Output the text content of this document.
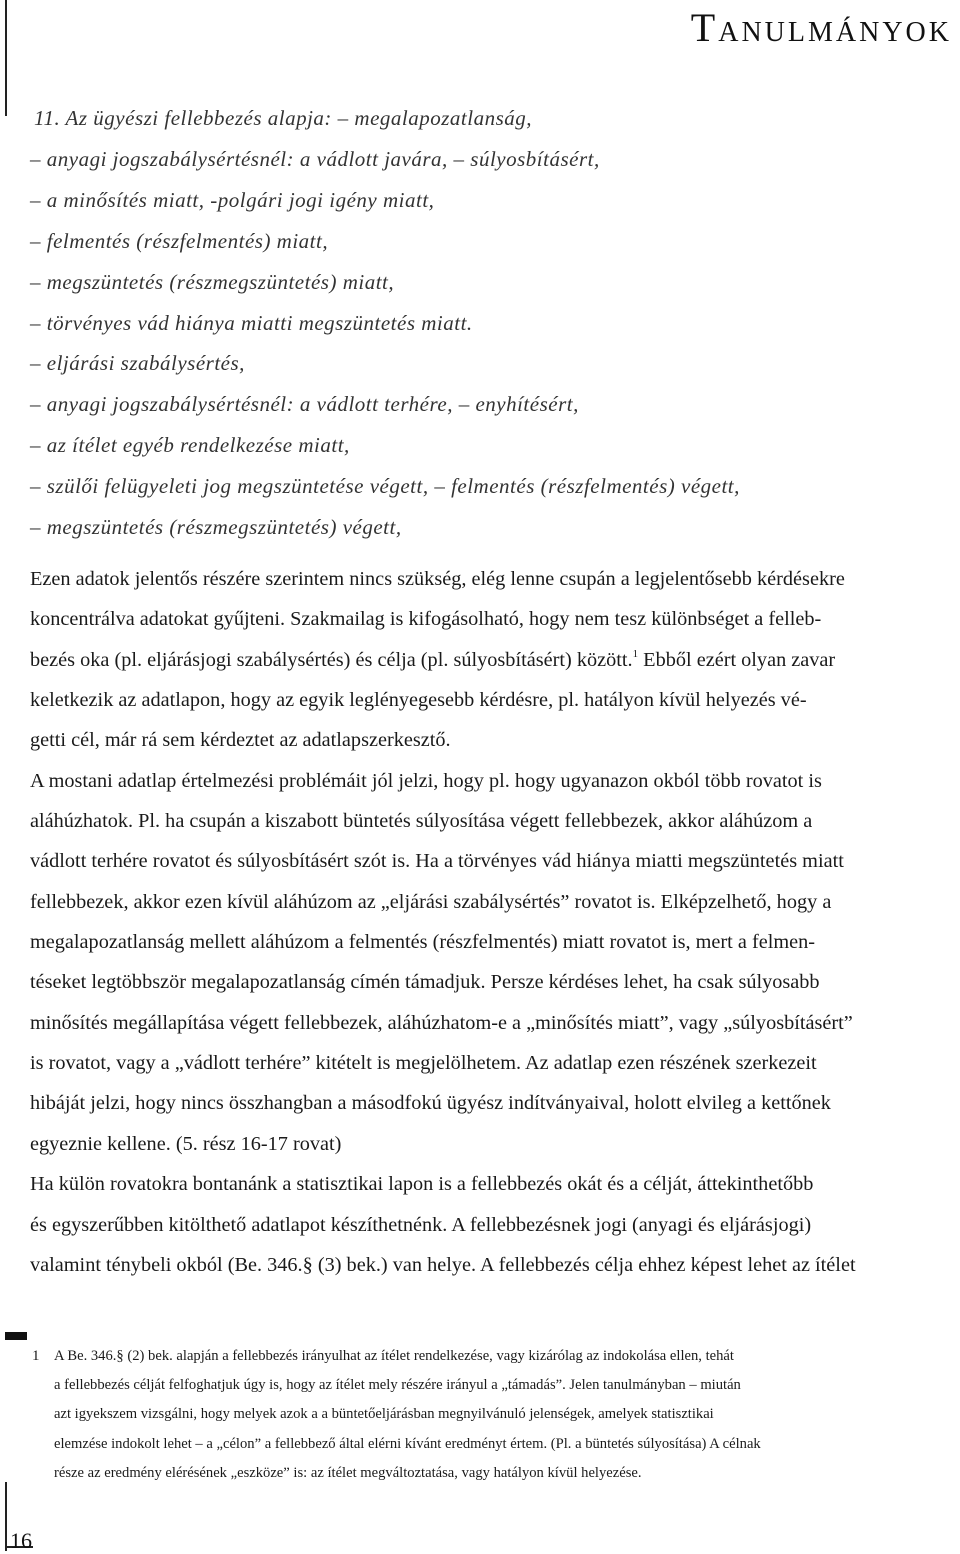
Tanulmányok
11. Az ügyészi fellebbezés alapja: – megalapozatlanság,
– anyagi jogszabálysértésnél: a vádlott javára, – súlyosbításért,
– a minősítés miatt, -polgári jogi igény miatt,
– felmentés (részfelmentés) miatt,
– megszüntetés (részmegszüntetés) miatt,
– törvényes vád hiánya miatti megszüntetés miatt.
– eljárási szabálysértés,
– anyagi jogszabálysértésnél: a vádlott terhére, – enyhítésért,
– az ítélet egyéb rendelkezése miatt,
– szülői felügyeleti jog megszüntetése végett, – felmentés (részfelmentés) végett,
– megszüntetés (részmegszüntetés) végett,

Ezen adatok jelentős részére szerintem nincs szükség, elég lenne csupán a legjelentősebb kérdésekre

koncentrálva adatokat gyűjteni. Szakmailag is kifogásolható, hogy nem tesz különbséget a felleb-

bezés oka (pl. eljárásjogi szabálysértés) és célja (pl. súlyosbításért) között.$^1$ Ebből ezért olyan zavar

keletkezik az adatlapon, hogy az egyik leglényegesebb kérdésre, pl. hatályon kívül helyezés vé-

getti cél, már rá sem kérdeztet az adatlapszerkesztő.

A mostani adatlap értelmezési problémáit jól jelzi, hogy pl. hogy ugyanazon okból több rovatot is

aláhúzhatok. Pl. ha csupán a kiszabott büntetés súlyosítása végett fellebbezek, akkor aláhúzom a

vádlott terhére rovatot és súlyosbításért szót is. Ha a törvényes vád hiánya miatti megszüntetés miatt

fellebbezek, akkor ezen kívül aláhúzom az „eljárási szabálysértés” rovatot is. Elképzelhető, hogy a

megalapozatlanság mellett aláhúzom a felmentés (részfelmentés) miatt rovatot is, mert a felmen-

téseket legtöbbször megalapozatlanság címén támadjuk. Persze kérdéses lehet, ha csak súlyosabb

minősítés megállapítása végett fellebbezek, aláhúzhatom-e a „minősítés miatt”, vagy „súlyosbításért”

is rovatot, vagy a „vádlott terhére” kitételt is megjelölhetem. Az adatlap ezen részének szerkezeit

hibáját jelzi, hogy nincs összhangban a másodfokú ügyész indítványaival, holott elvileg a kettőnek

egyeznie kellene. (5. rész 16-17 rovat)

Ha külön rovatokra bontanánk a statisztikai lapon is a fellebbezés okát és a célját, áttekinthetőbb

és egyszerűbben kitölthető adatlapot készíthetnénk. A fellebbezésnek jogi (anyagi és eljárásjogi)

valamint ténybeli okból (Be. 346.§ (3) bek.) van helye. A fellebbezés célja ehhez képest lehet az ítélet

1 A Be. 346.§ (2) bek. alapján a fellebbezés irányulhat az ítélet rendelkezése, vagy kizárólag az indokolása ellen, tehát
a fellebbezés célját felfoghatjuk úgy is, hogy az ítélet mely részére irányul a „támadás”. Jelen tanulmányban – miután
azt igyekszem vizsgálni, hogy melyek azok a a büntetőeljárásban megnyilvánuló jelenségek, amelyek statisztikai
elemzése indokolt lehet – a „célon” a fellebbező által elérni kívánt eredményt értem. (Pl. a büntetés súlyosítása) A célnak
része az eredmény elérésének „eszköze” is: az ítélet megváltoztatása, vagy hatályon kívül helyezése.
16
